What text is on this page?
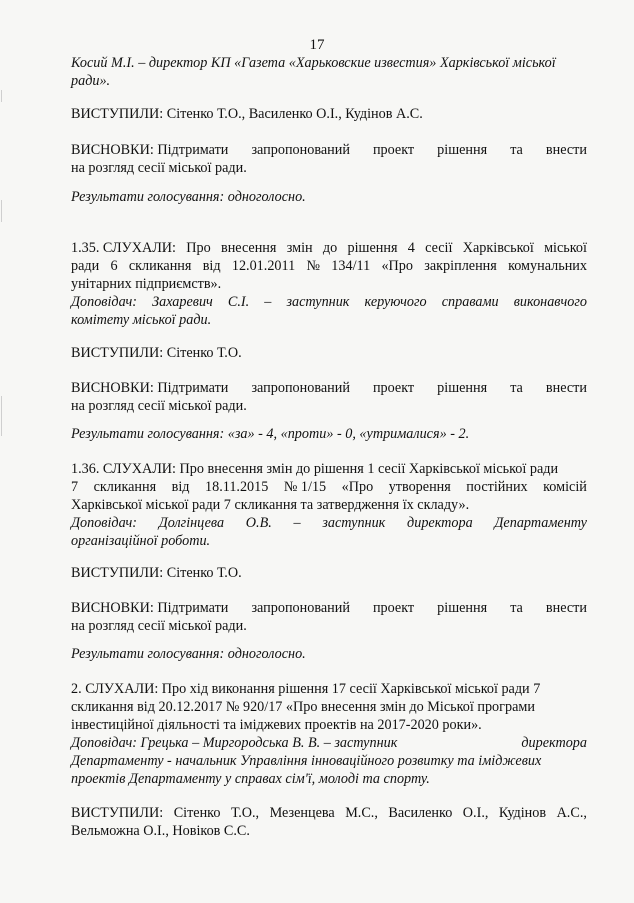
17
Косий М.І. – директор КП «Газета «Харьковские известия» Харківської міської
ради».
ВИСТУПИЛИ: Сітенко Т.О., Василенко О.І., Кудінов А.С.
ВИСНОВКИ: Підтримати запропонований проект рішення та внести
на розгляд сесії міської ради.
Результати голосування: одноголосно.
1.35. СЛУХАЛИ: Про внесення змін до рішення 4 сесії Харківської міської
ради 6 скликання від 12.01.2011 № 134/11 «Про закріплення комунальних
унітарних підприємств».
Доповідач: Захаревич С.І. – заступник керуючого справами виконавчого
комітету міської ради.
ВИСТУПИЛИ: Сітенко Т.О.
ВИСНОВКИ: Підтримати запропонований проект рішення та внести
на розгляд сесії міської ради.
Результати голосування: «за» - 4, «проти» - 0, «утрималися» - 2.
1.36. СЛУХАЛИ: Про внесення змін до рішення 1 сесії Харківської міської ради
7 скликання від 18.11.2015 № 1/15 «Про утворення постійних комісій
Харківської міської ради 7 скликання та затвердження їх складу».
Доповідач: Долгінцева О.В. – заступник директора Департаменту
організаційної роботи.
ВИСТУПИЛИ: Сітенко Т.О.
ВИСНОВКИ: Підтримати запропонований проект рішення та внести
на розгляд сесії міської ради.
Результати голосування: одноголосно.
2. СЛУХАЛИ: Про хід виконання рішення 17 сесії Харківської міської ради 7
скликання від 20.12.2017 № 920/17 «Про внесення змін до Міської програми
інвестиційної діяльності та іміджевих проектів на 2017-2020 роки».
Доповідач: Грецька – Миргородська В. В. – заступник	директора
Департаменту - начальник Управління інноваційного розвитку та іміджевих
проектів Департаменту у справах сім'ї, молоді та спорту.
ВИСТУПИЛИ: Сітенко Т.О., Мезенцева М.С., Василенко О.І., Кудінов А.С.,
Вельможна О.І., Новіков С.С.
